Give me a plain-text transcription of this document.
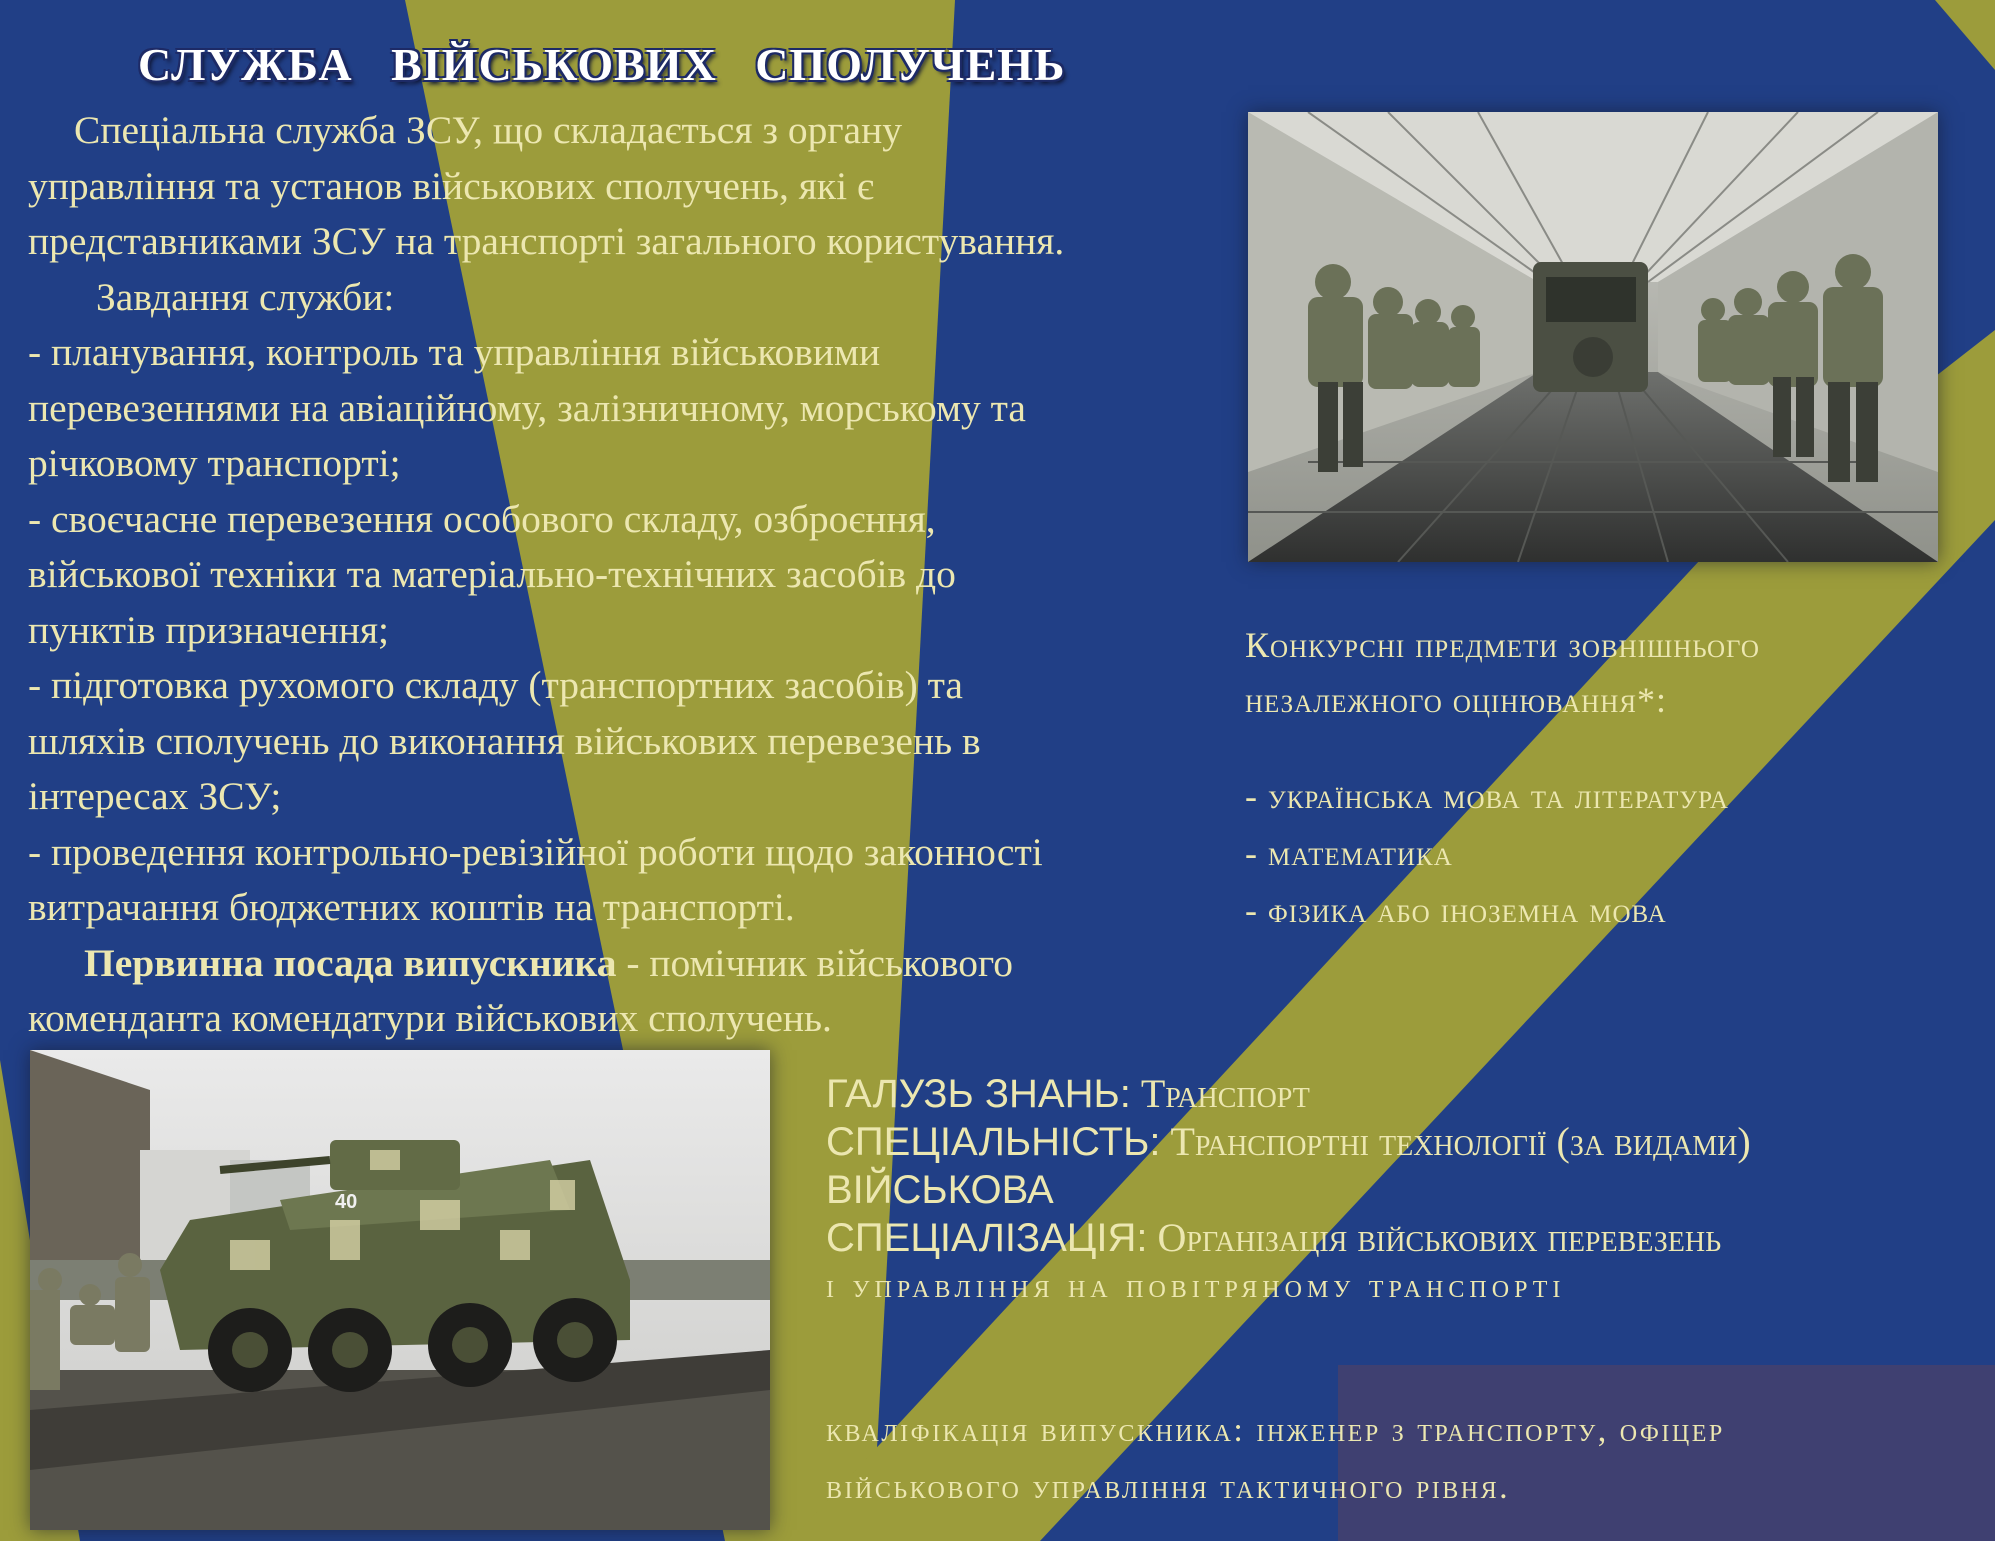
40
СЛУЖБА ВІЙСЬКОВИХ СПОЛУЧЕНЬ

Спеціальна служба ЗСУ, що складається з органу

управління та установ військових сполучень, які є

представниками ЗСУ на транспорті загального користування.

Завдання служби:

- планування, контроль та управління військовими

перевезеннями на авіаційному, залізничному, морському та

річковому транспорті;

- своєчасне перевезення особового складу, озброєння,

військової техніки та матеріально-технічних засобів до

пунктів призначення;

- підготовка рухомого складу (транспортних засобів) та

шляхів сполучень до виконання військових перевезень в

інтересах ЗСУ;

- проведення контрольно-ревізійної роботи щодо законності

витрачання бюджетних коштів на транспорті.

Первинна посада випускника - помічник військового

коменданта комендатури військових сполучень.

Конкурсні предмети зовнішнього
незалежного оцінювання*:
- українська мова та література
- математика
- фізика або іноземна мова
ГАЛУЗЬ ЗНАНЬ: Транспорт
СПЕЦІАЛЬНІСТЬ: Транспортні технології (за видами)
ВІЙСЬКОВА
СПЕЦІАЛІЗАЦІЯ: Організація військових перевезень
і управління на повітряному транспорті
кваліфікація випускника: інженер з транспорту, офіцер
військового управління тактичного рівня.
